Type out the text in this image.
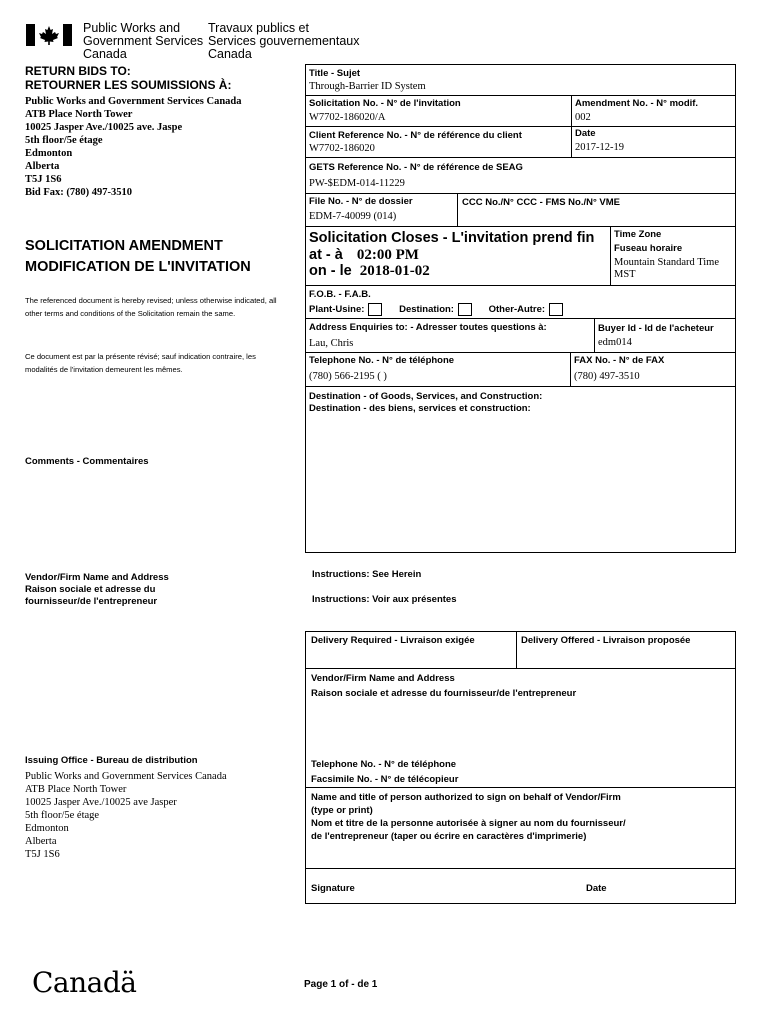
Public Works and
Government Services
Canada
Travaux publics et
Services gouvernementaux
Canada
RETURN BIDS TO:
RETOURNER LES SOUMISSIONS À:
Public Works and Government Services Canada
ATB Place North Tower
10025 Jasper Ave./10025 ave. Jaspe
5th floor/5e étage
Edmonton
Alberta
T5J 1S6
Bid Fax: (780) 497-3510
SOLICITATION AMENDMENT
MODIFICATION DE L'INVITATION
The referenced document is hereby revised; unless otherwise indicated, all other terms and conditions of the Solicitation remain the same.
Ce document est par la présente révisé; sauf indication contraire, les modalités de l'invitation demeurent les mêmes.
Comments - Commentaires
Vendor/Firm Name and Address
Raison sociale et adresse du
fournisseur/de l'entrepreneur
Issuing Office - Bureau de distribution
Public Works and Government Services Canada
ATB Place North Tower
10025 Jasper Ave./10025 ave Jasper
5th floor/5e étage
Edmonton
Alberta
T5J 1S6
Title - Sujet
Through-Barrier ID System
Solicitation No. - N° de l'invitation
W7702-186020/A
Amendment No. - N° modif.
002
Client Reference No. - N° de référence du client
W7702-186020
Date
2017-12-19
GETS Reference No. - N° de référence de SEAG
PW-$EDM-014-11229
File No. - N° de dossier
EDM-7-40099 (014)
CCC No./N° CCC - FMS No./N° VME
Solicitation Closes - L'invitation prend fin
at - à 02:00 PM
on - le 2018-01-02
Time Zone
Fuseau horaire
Mountain Standard Time
MST
F.O.B. - F.A.B.
Plant-Usine:	Destination:	Other-Autre:
Address Enquiries to: - Adresser toutes questions à:
Lau, Chris
Buyer Id - Id de l'acheteur
edm014
Telephone No. - N° de téléphone
(780) 566-2195 ( )
FAX No. - N° de FAX
(780) 497-3510
Destination - of Goods, Services, and Construction:
Destination - des biens, services et construction:
Instructions: See Herein
Instructions: Voir aux présentes
Delivery Required - Livraison exigée	Delivery Offered - Livraison proposée
Vendor/Firm Name and Address
Raison sociale et adresse du fournisseur/de l'entrepreneur
Telephone No. - N° de téléphone
Facsimile No. - N° de télécopieur
Name and title of person authorized to sign on behalf of Vendor/Firm
(type or print)
Nom et titre de la personne autorisée à signer au nom du fournisseur/
de l'entrepreneur (taper ou écrire en caractères d'imprimerie)
Signature	Date
Canadä	Page 1 of - de 1
